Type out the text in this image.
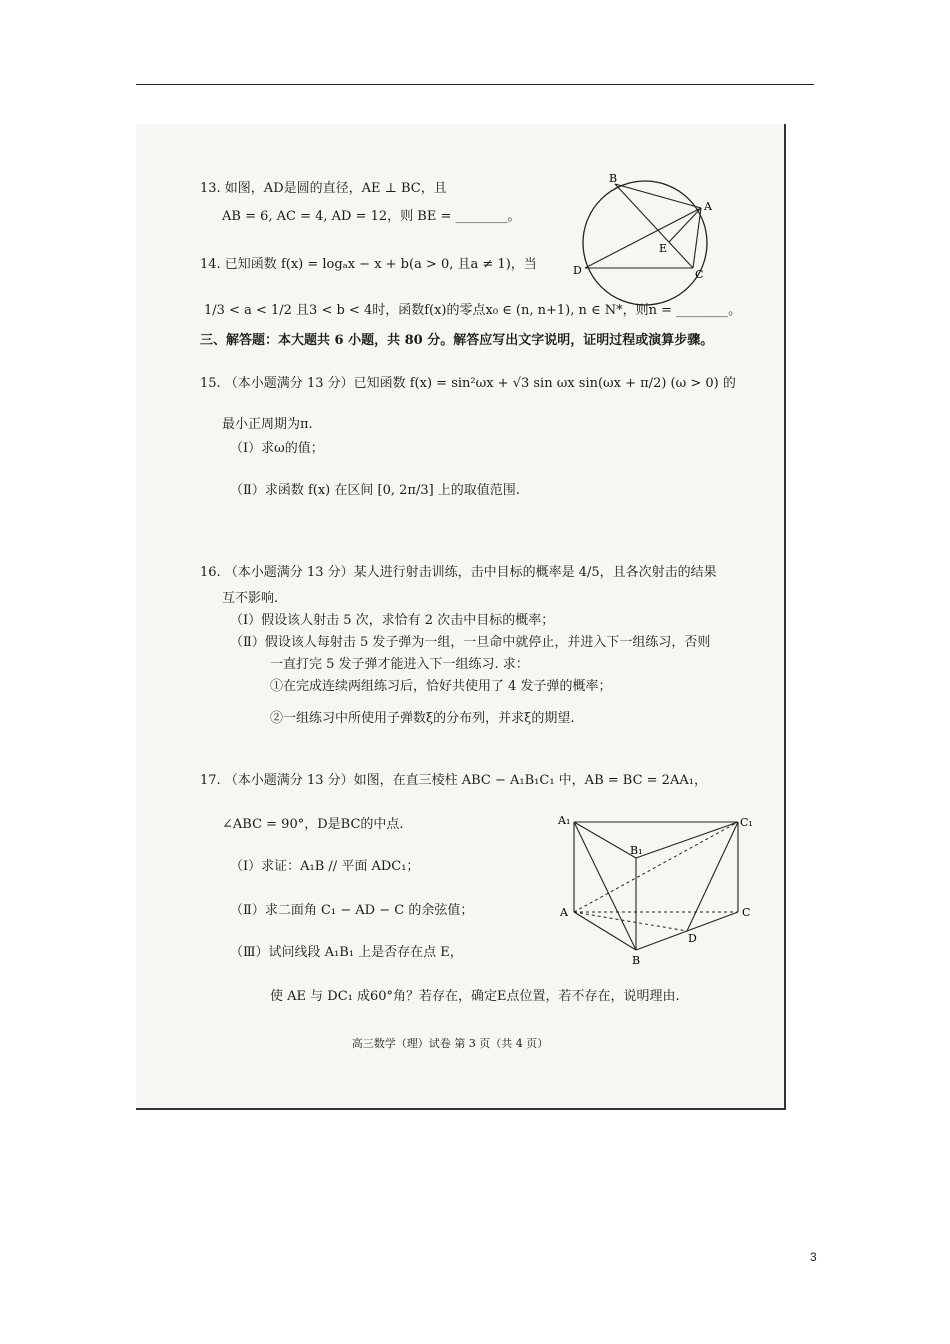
13. 如图，AD是圆的直径，AE ⊥ BC，且
AB = 6, AC = 4, AD = 12，则 BE = ________。
B
A
E
D	C
14. 已知函数 f(x) = logₐx − x + b(a > 0, 且a ≠ 1)，当
1/3 < a < 1/2 且3 < b < 4时，函数f(x)的零点x₀ ∈ (n, n+1), n ∈ N*，则n = ________。
三、解答题：本大题共 6 小题，共 80 分。解答应写出文字说明，证明过程或演算步骤。
15. （本小题满分 13 分）已知函数 f(x) = sin²ωx + √3 sin ωx sin(ωx + π/2) (ω > 0) 的
最小正周期为π.
（Ⅰ）求ω的值；
（Ⅱ）求函数 f(x) 在区间 [0, 2π/3] 上的取值范围.
16. （本小题满分 13 分）某人进行射击训练，击中目标的概率是 4/5，且各次射击的结果
互不影响.
（Ⅰ）假设该人射击 5 次，求恰有 2 次击中目标的概率；
（Ⅱ）假设该人每射击 5 发子弹为一组，一旦命中就停止，并进入下一组练习，否则
一直打完 5 发子弹才能进入下一组练习. 求：
①在完成连续两组练习后，恰好共使用了 4 发子弹的概率；
②一组练习中所使用子弹数ξ的分布列，并求ξ的期望.
17. （本小题满分 13 分）如图，在直三棱柱 ABC − A₁B₁C₁ 中，AB = BC = 2AA₁，
∠ABC = 90°，D是BC的中点.
（Ⅰ）求证：A₁B // 平面 ADC₁；
（Ⅱ）求二面角 C₁ − AD − C 的余弦值；
（Ⅲ）试问线段 A₁B₁ 上是否存在点 E，
使 AE 与 DC₁ 成60°角？若存在，确定E点位置，若不存在，说明理由.
A₁	C₁
B₁
A	C
D
B
高三数学（理）试卷 第 3 页（共 4 页）
3
